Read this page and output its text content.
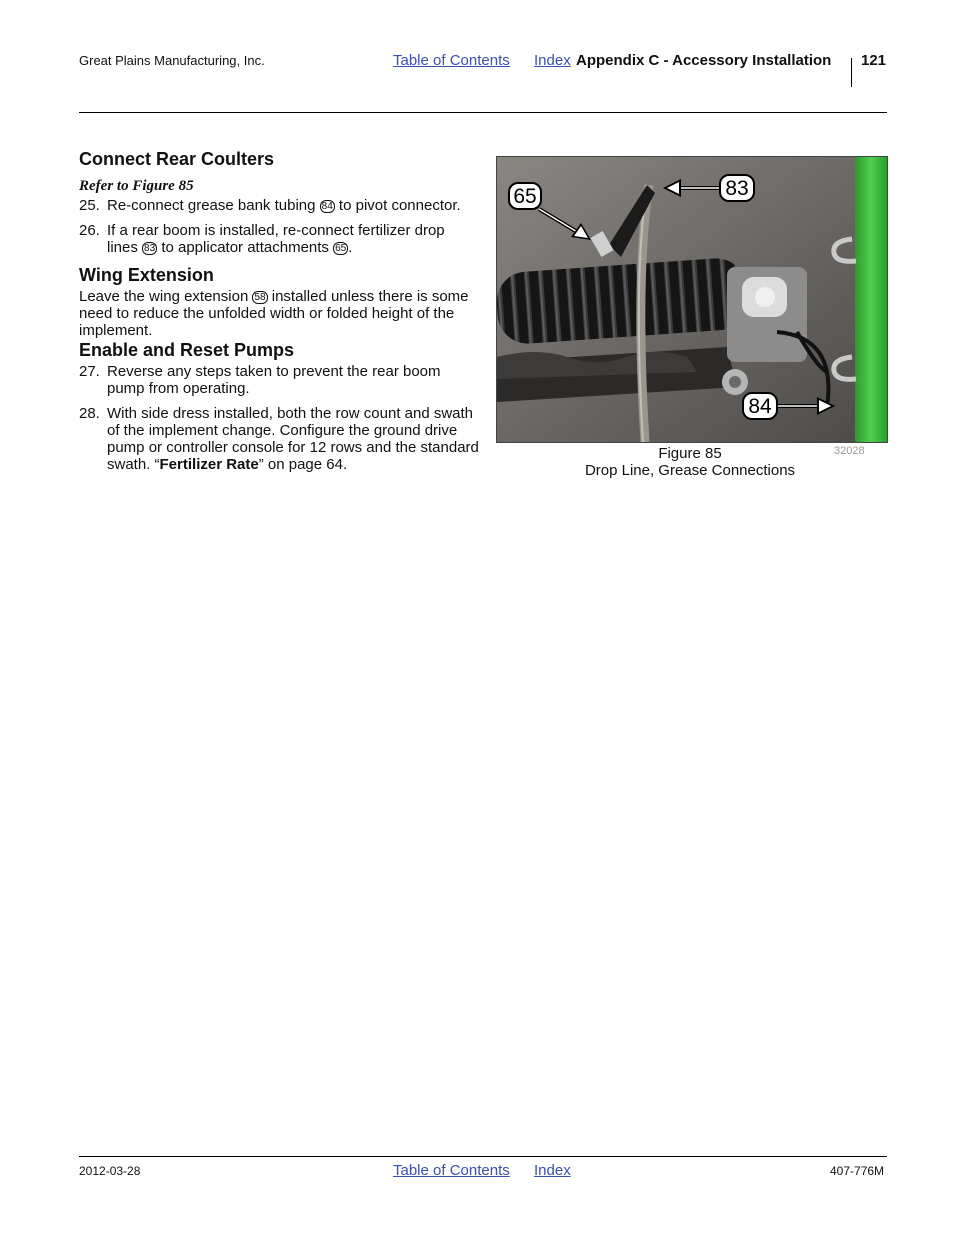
Great Plains Manufacturing, Inc.	Table of Contents Index Appendix C - Accessory Installation 121
Connect Rear Coulters
Refer to Figure 85
25. Re-connect grease bank tubing 84 to pivot connector.
26. If a rear boom is installed, re-connect fertilizer drop lines 83 to applicator attachments 65 .
Wing Extension
Leave the wing extension 58 installed unless there is some need to reduce the unfolded width or folded height of the implement.
Enable and Reset Pumps
27. Reverse any steps taken to prevent the rear boom pump from operating.
28. With side dress installed, both the row count and swath of the implement change. Configure the ground drive pump or controller console for 12 rows and the standard swath. “Fertilizer Rate” on page 64.
65	83
84
Figure 85
Drop Line, Grease Connections
32028
2012-03-28	Table of Contents Index	407-776M
